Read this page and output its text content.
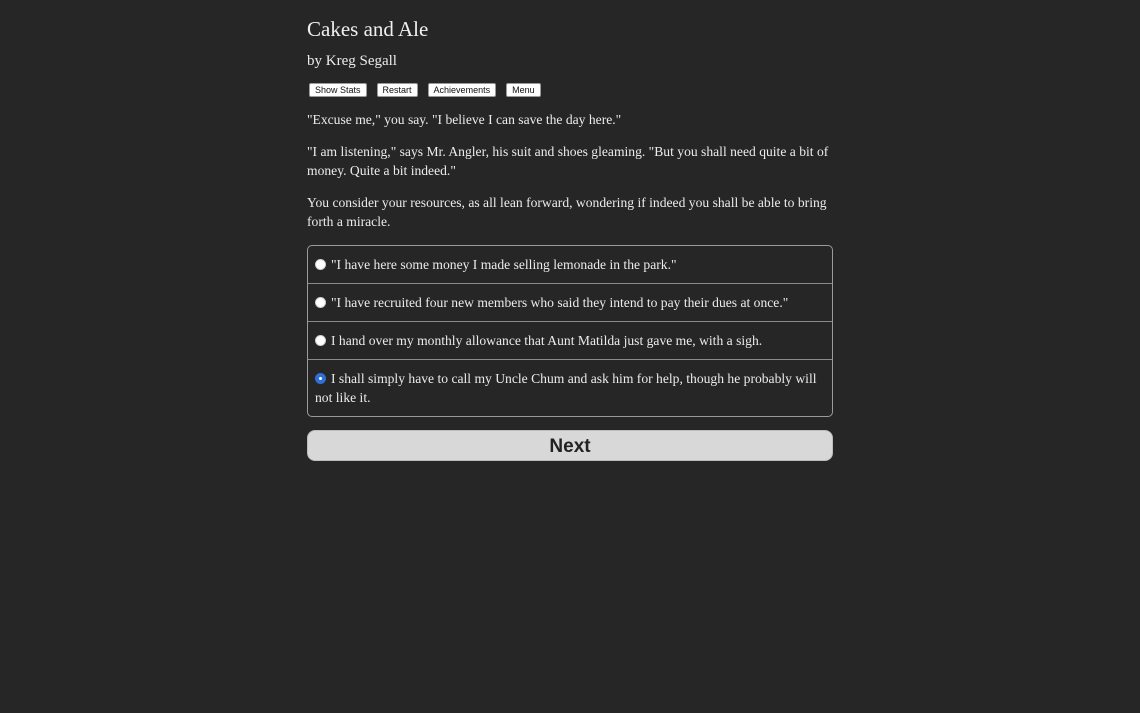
Cakes and Ale
by Kreg Segall
Show Stats	Restart	Achievements	Menu

"Excuse me," you say. "I believe I can save the day here."

"I am listening," says Mr. Angler, his suit and shoes gleaming. "But you shall need quite a bit of money. Quite a bit indeed."

You consider your resources, as all lean forward, wondering if indeed you shall be able to bring forth a miracle.

"I have here some money I made selling lemonade in the park."
"I have recruited four new members who said they intend to pay their dues at once."
I hand over my monthly allowance that Aunt Matilda just gave me, with a sigh.
I shall simply have to call my Uncle Chum and ask him for help, though he probably will not like it.
Next
